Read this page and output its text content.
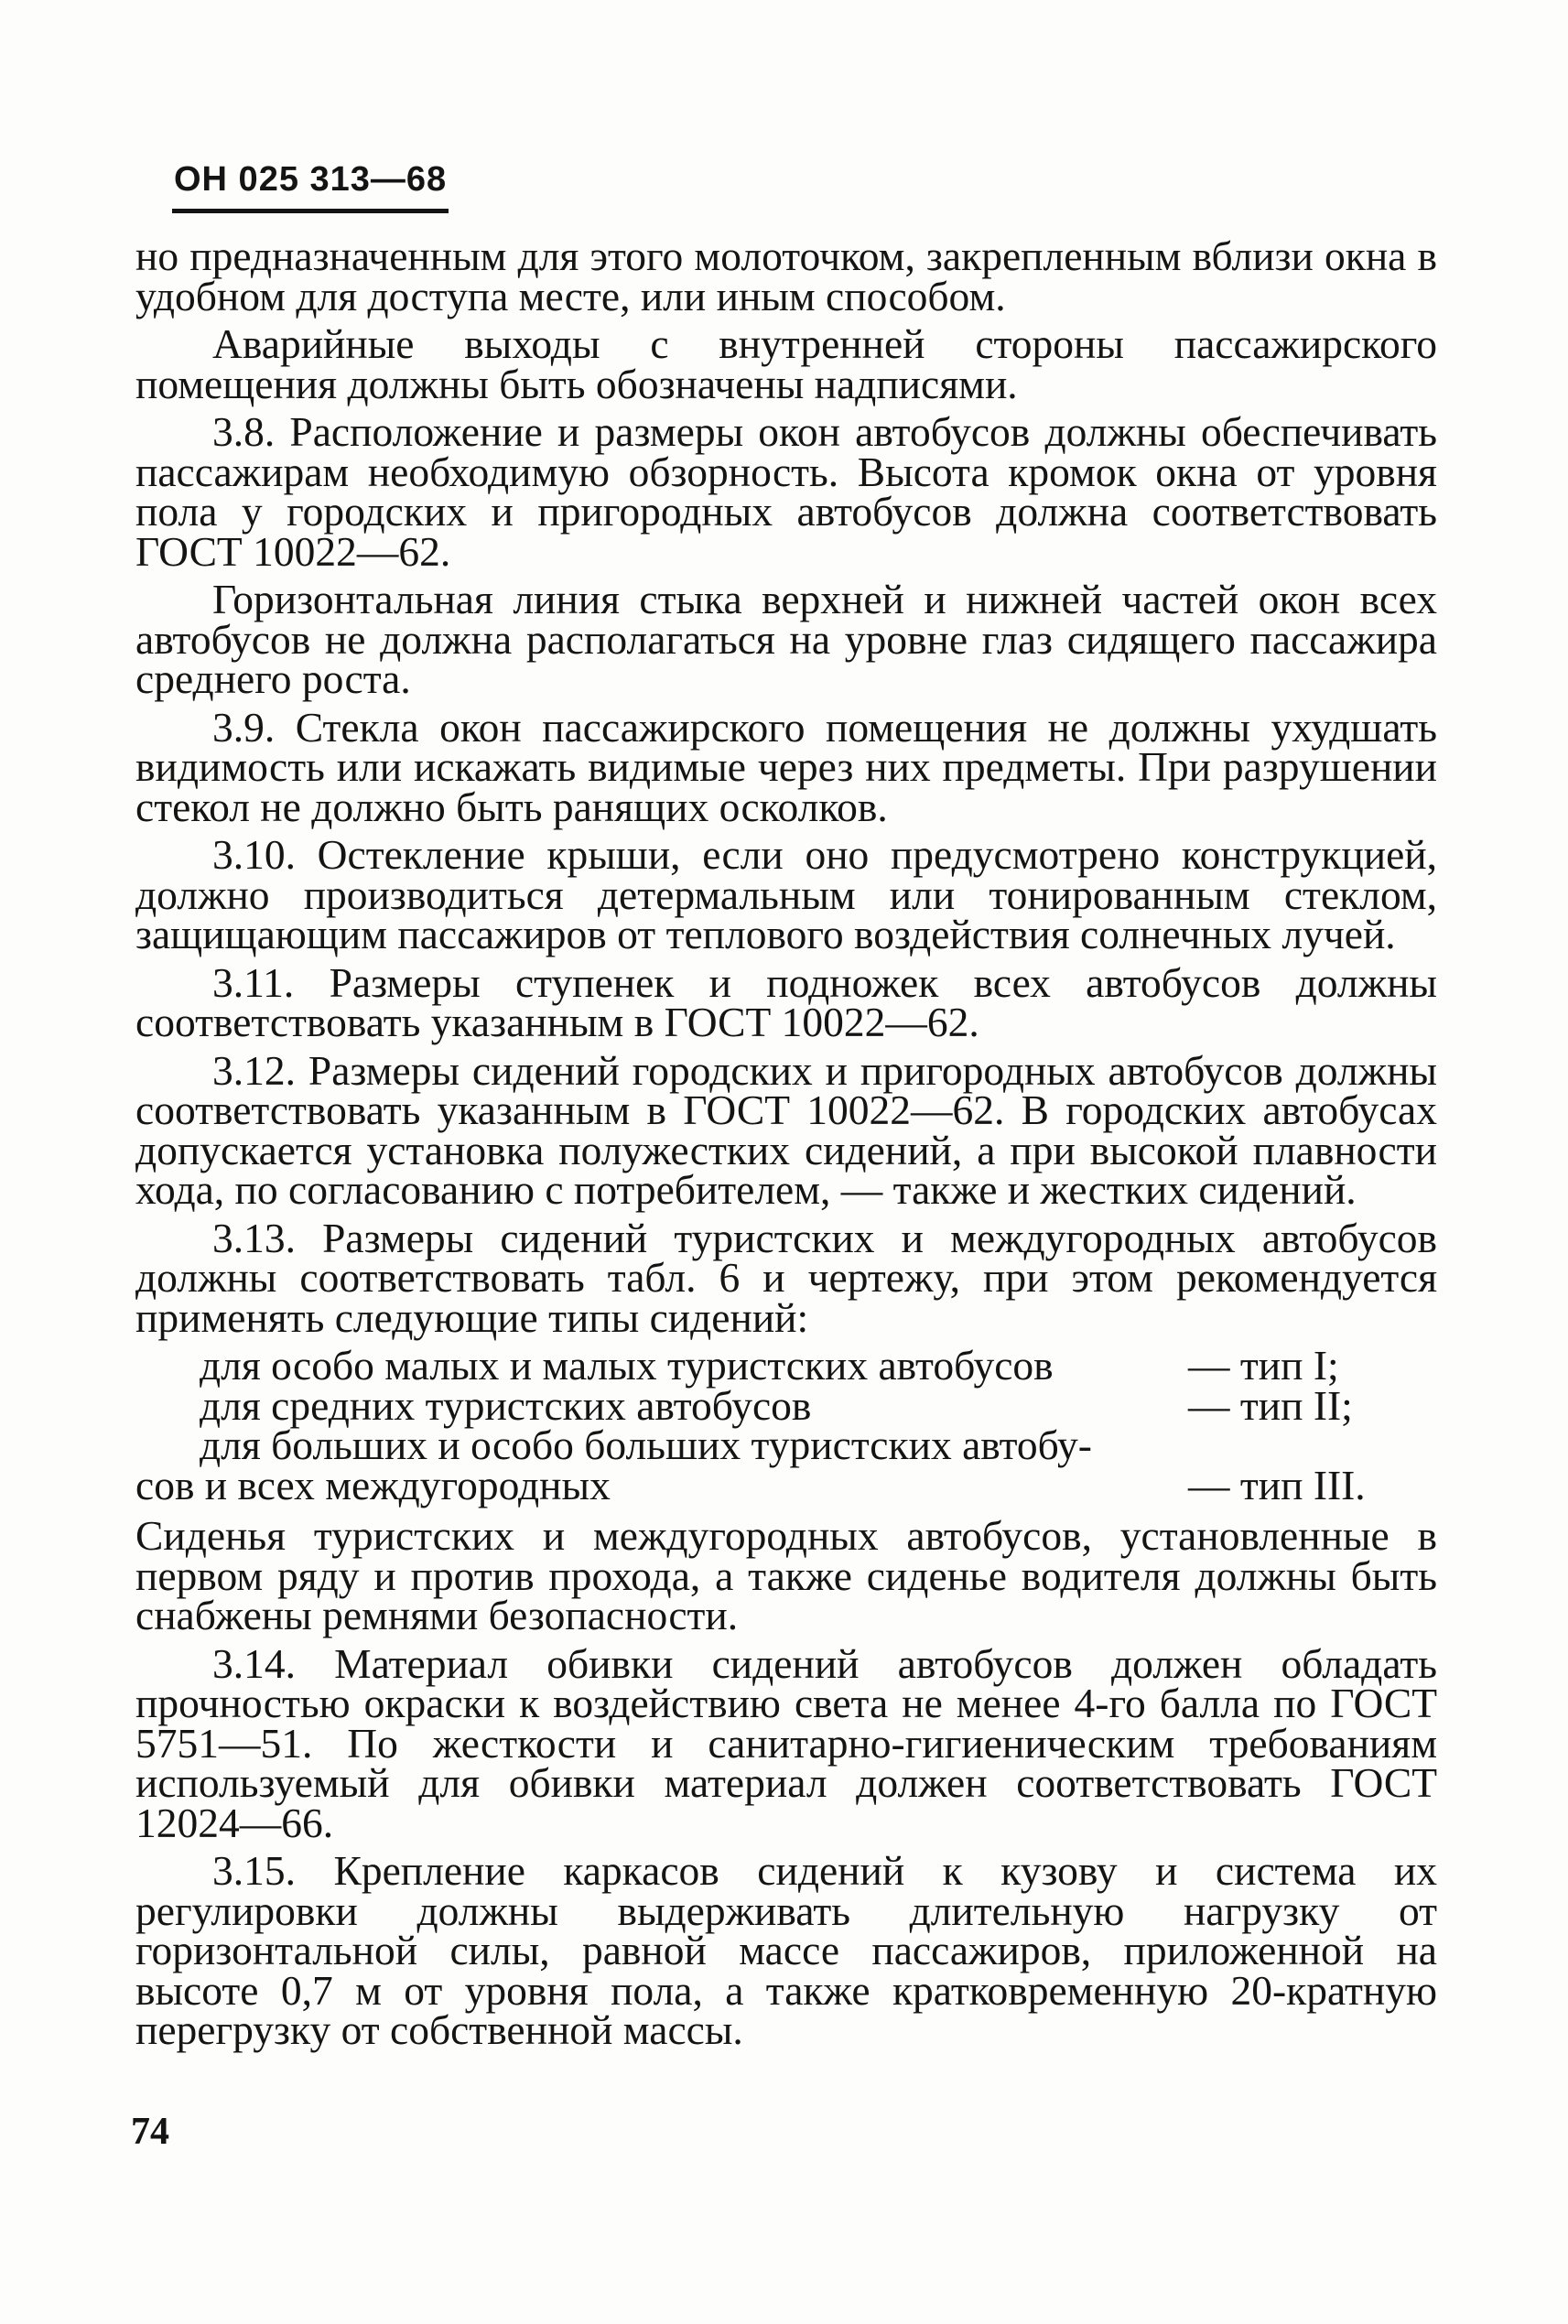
ОН 025 313—68

но предназначенным для этого молоточком, закрепленным вблизи окна в удобном для доступа месте, или иным способом.

Аварийные выходы с внутренней стороны пассажирского помещения должны быть обозначены надписями.

3.8. Расположение и размеры окон автобусов должны обеспечивать пассажирам необходимую обзорность. Высота кромок окна от уровня пола у городских и пригородных автобусов должна соответствовать ГОСТ 10022—62.

Горизонтальная линия стыка верхней и нижней частей окон всех автобусов не должна располагаться на уровне глаз сидящего пассажира среднего роста.

3.9. Стекла окон пассажирского помещения не должны ухудшать видимость или искажать видимые через них предметы. При разрушении стекол не должно быть ранящих осколков.

3.10. Остекление крыши, если оно предусмотрено конструкцией, должно производиться детермальным или тонированным стеклом, защищающим пассажиров от теплового воздействия солнечных лучей.

3.11. Размеры ступенек и подножек всех автобусов должны соответствовать указанным в ГОСТ 10022—62.

3.12. Размеры сидений городских и пригородных автобусов должны соответствовать указанным в ГОСТ 10022—62. В городских автобусах допускается установка полужестких сидений, а при высокой плавности хода, по согласованию с потребителем, — также и жестких сидений.

3.13. Размеры сидений туристских и междугородных автобусов должны соответствовать табл. 6 и чертежу, при этом рекомендуется применять следующие типы сидений:

для особо малых и малых туристских автобусов	— тип I;
для средних туристских автобусов	— тип II;
для больших и особо больших туристских автобу-
сов и всех междугородных	— тип III.

Сиденья туристских и междугородных автобусов, установленные в первом ряду и против прохода, а также сиденье водителя должны быть снабжены ремнями безопасности.

3.14. Материал обивки сидений автобусов должен обладать прочностью окраски к воздействию света не менее 4-го балла по ГОСТ 5751—51. По жесткости и санитарно-гигиеническим требованиям используемый для обивки материал должен соответствовать ГОСТ 12024—66.

3.15. Крепление каркасов сидений к кузову и система их регулировки должны выдерживать длительную нагрузку от горизонтальной силы, равной массе пассажиров, приложенной на высоте 0,7 м от уровня пола, а также кратковременную 20-кратную перегрузку от собственной массы.

74
